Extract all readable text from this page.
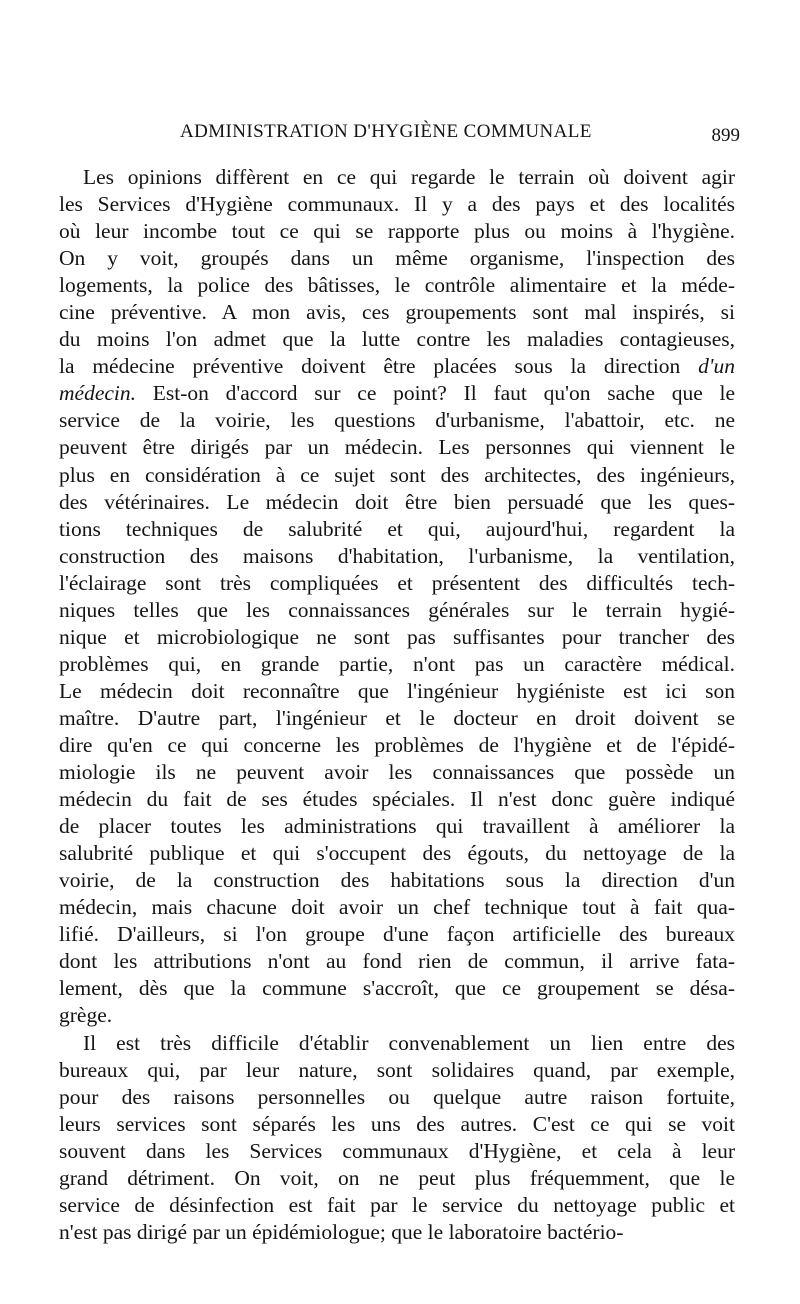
ADMINISTRATION D'HYGIÈNE COMMUNALE	899
Les opinions diffèrent en ce qui regarde le terrain où doivent agir
les Services d'Hygiène communaux. Il y a des pays et des localités
où leur incombe tout ce qui se rapporte plus ou moins à l'hygiène.
On y voit, groupés dans un même organisme, l'inspection des
logements, la police des bâtisses, le contrôle alimentaire et la méde-
cine préventive. A mon avis, ces groupements sont mal inspirés, si
du moins l'on admet que la lutte contre les maladies contagieuses,
la médecine préventive doivent être placées sous la direction d'un
médecin. Est-on d'accord sur ce point? Il faut qu'on sache que le
service de la voirie, les questions d'urbanisme, l'abattoir, etc. ne
peuvent être dirigés par un médecin. Les personnes qui viennent le
plus en considération à ce sujet sont des architectes, des ingénieurs,
des vétérinaires. Le médecin doit être bien persuadé que les ques-
tions techniques de salubrité et qui, aujourd'hui, regardent la
construction des maisons d'habitation, l'urbanisme, la ventilation,
l'éclairage sont très compliquées et présentent des difficultés tech-
niques telles que les connaissances générales sur le terrain hygié-
nique et microbiologique ne sont pas suffisantes pour trancher des
problèmes qui, en grande partie, n'ont pas un caractère médical.
Le médecin doit reconnaître que l'ingénieur hygiéniste est ici son
maître. D'autre part, l'ingénieur et le docteur en droit doivent se
dire qu'en ce qui concerne les problèmes de l'hygiène et de l'épidé-
miologie ils ne peuvent avoir les connaissances que possède un
médecin du fait de ses études spéciales. Il n'est donc guère indiqué
de placer toutes les administrations qui travaillent à améliorer la
salubrité publique et qui s'occupent des égouts, du nettoyage de la
voirie, de la construction des habitations sous la direction d'un
médecin, mais chacune doit avoir un chef technique tout à fait qua-
lifié. D'ailleurs, si l'on groupe d'une façon artificielle des bureaux
dont les attributions n'ont au fond rien de commun, il arrive fata-
lement, dès que la commune s'accroît, que ce groupement se désa-
grège.
Il est très difficile d'établir convenablement un lien entre des
bureaux qui, par leur nature, sont solidaires quand, par exemple,
pour des raisons personnelles ou quelque autre raison fortuite,
leurs services sont séparés les uns des autres. C'est ce qui se voit
souvent dans les Services communaux d'Hygiène, et cela à leur
grand détriment. On voit, on ne peut plus fréquemment, que le
service de désinfection est fait par le service du nettoyage public et
n'est pas dirigé par un épidémiologue; que le laboratoire bactério-
